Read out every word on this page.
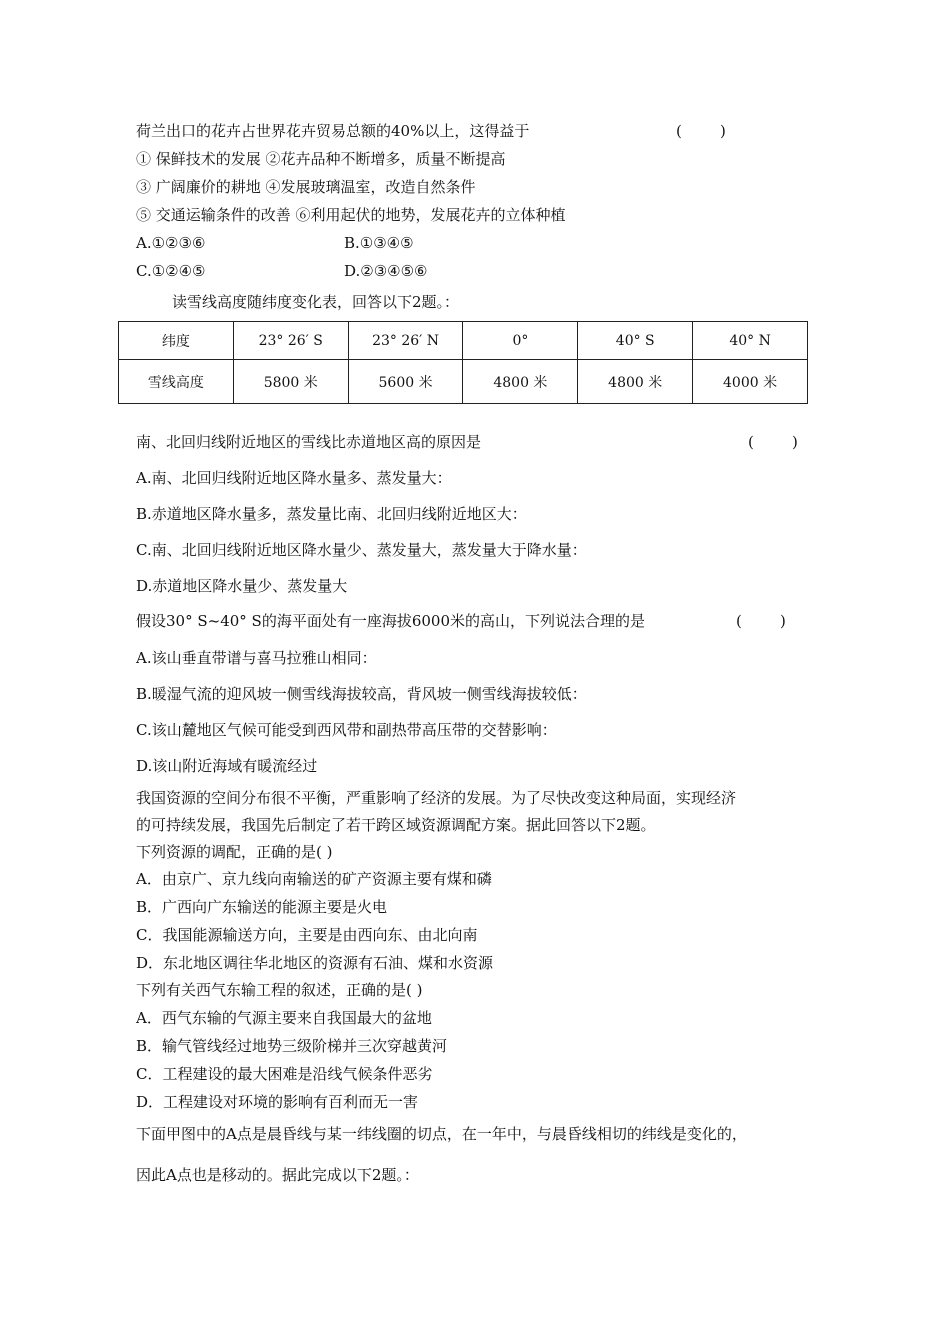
荷兰出口的花卉占世界花卉贸易总额的40%以上，这得益于	(        )
① 保鲜技术的发展 ②花卉品种不断增多，质量不断提高
③ 广阔廉价的耕地 ④发展玻璃温室，改造自然条件
⑤ 交通运输条件的改善 ⑥利用起伏的地势，发展花卉的立体种植
A.①②③⑥	B.①③④⑤
C.①②④⑤	D.②③④⑤⑥
读雪线高度随纬度变化表，回答以下2题。：
纬度	23° 26′ S	23° 26′ N	0°	40° S	40° N
雪线高度	5800 米	5600 米	4800 米	4800 米	4000 米
南、北回归线附近地区的雪线比赤道地区高的原因是	(        )
A.南、北回归线附近地区降水量多、蒸发量大：
B.赤道地区降水量多，蒸发量比南、北回归线附近地区大：
C.南、北回归线附近地区降水量少、蒸发量大，蒸发量大于降水量：
D.赤道地区降水量少、蒸发量大
假设30° S~40° S的海平面处有一座海拔6000米的高山，下列说法合理的是	(        )
A.该山垂直带谱与喜马拉雅山相同：
B.暖湿气流的迎风坡一侧雪线海拔较高，背风坡一侧雪线海拔较低：
C.该山麓地区气候可能受到西风带和副热带高压带的交替影响：
D.该山附近海域有暖流经过
我国资源的空间分布很不平衡，严重影响了经济的发展。为了尽快改变这种局面，实现经济
的可持续发展，我国先后制定了若干跨区域资源调配方案。据此回答以下2题。
下列资源的调配，正确的是( )
A．由京广、京九线向南输送的矿产资源主要有煤和磷
B．广西向广东输送的能源主要是火电
C．我国能源输送方向，主要是由西向东、由北向南
D．东北地区调往华北地区的资源有石油、煤和水资源
下列有关西气东输工程的叙述，正确的是( )
A．西气东输的气源主要来自我国最大的盆地
B．输气管线经过地势三级阶梯并三次穿越黄河
C．工程建设的最大困难是沿线气候条件恶劣
D．工程建设对环境的影响有百利而无一害
下面甲图中的A点是晨昏线与某一纬线圈的切点，在一年中，与晨昏线相切的纬线是变化的，
因此A点也是移动的。据此完成以下2题。：
